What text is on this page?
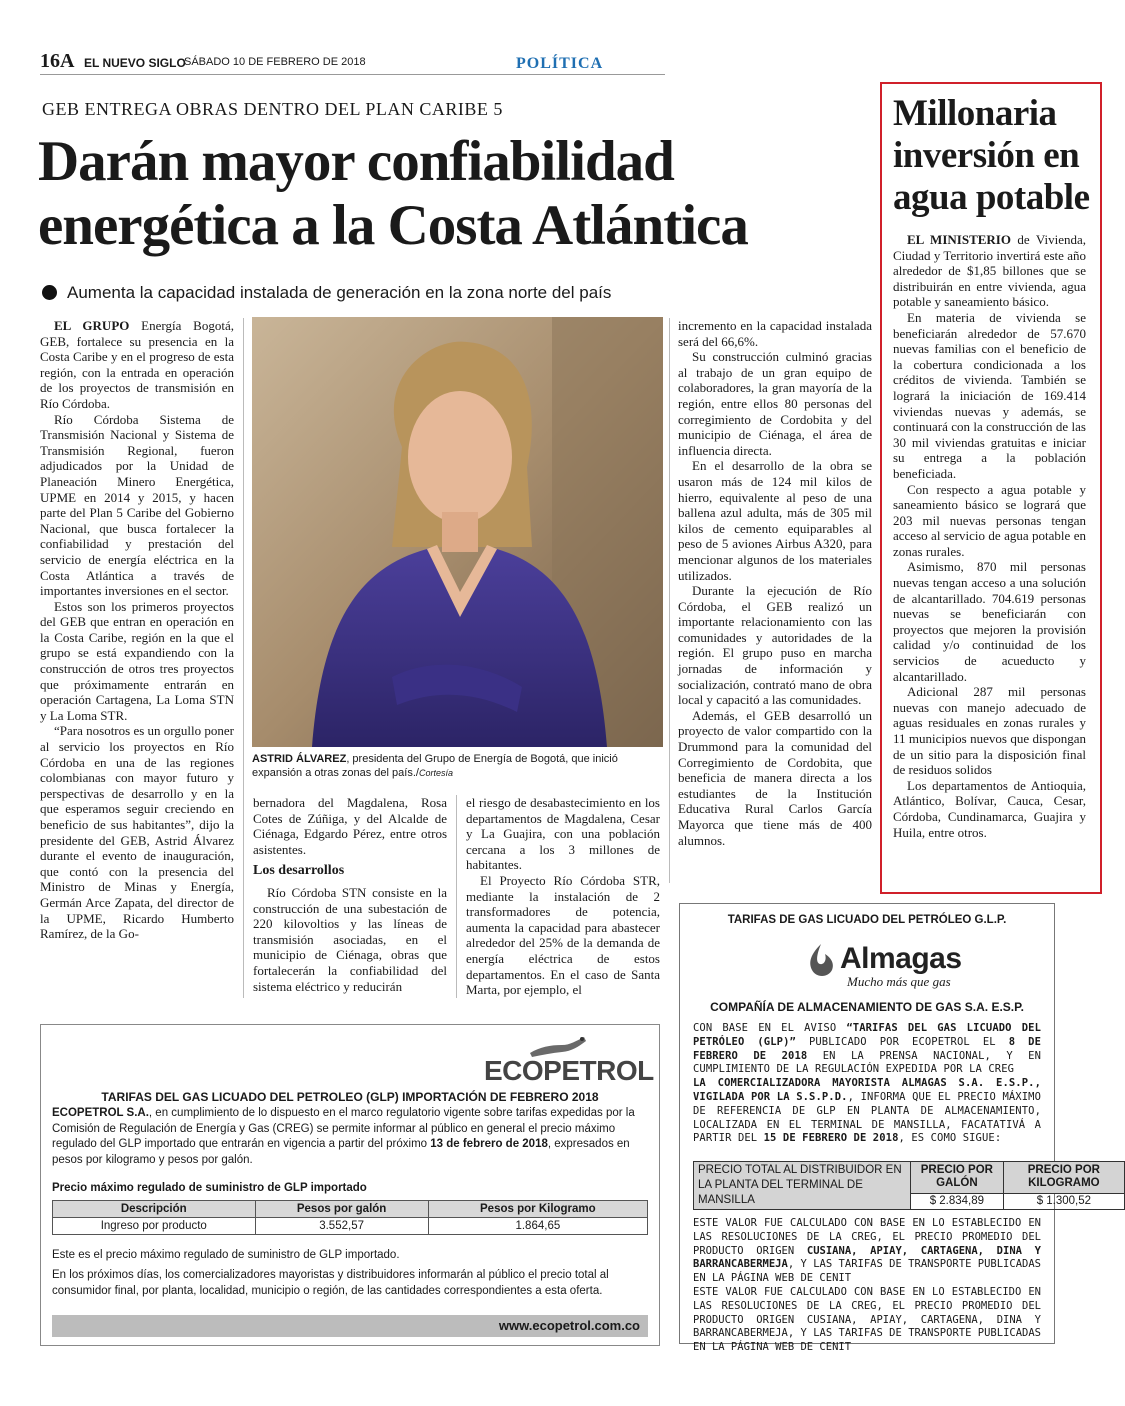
16A EL NUEVO SIGLO
SÁBADO 10 DE FEBRERO DE 2018	POLÍTICA
GEB ENTREGA OBRAS DENTRO DEL PLAN CARIBE 5
Darán mayor confiabilidad energética a la Costa Atlántica
Aumenta la capacidad instalada de generación en la zona norte del país

EL GRUPO Energía Bogotá, GEB, fortalece su presencia en la Costa Caribe y en el progreso de esta región, con la entrada en operación de los proyectos de transmisión en Río Córdoba.

Río Córdoba Sistema de Transmisión Nacional y Sistema de Transmisión Regional, fueron adjudicados por la Unidad de Planeación Minero Energética, UPME en 2014 y 2015, y hacen parte del Plan 5 Caribe del Gobierno Nacional, que busca fortalecer la confiabilidad y prestación del servicio de energía eléctrica en la Costa Atlántica a través de importantes inversiones en el sector.

Estos son los primeros proyectos del GEB que entran en operación en la Costa Caribe, región en la que el grupo se está expandiendo con la construcción de otros tres proyectos que próximamente entrarán en operación Cartagena, La Loma STN y La Loma STR.

“Para nosotros es un orgullo poner al servicio los proyectos en Río Córdoba en una de las regiones colombianas con mayor futuro y perspectivas de desarrollo y en la que esperamos seguir creciendo en beneficio de sus habitantes”, dijo la presidente del GEB, Astrid Álvarez durante el evento de inauguración, que contó con la presencia del Ministro de Minas y Energía, Germán Arce Zapata, del director de la UPME, Ricardo Humberto Ramírez, de la Go-

ASTRID ÁLVAREZ, presidenta del Grupo de Energía de Bogotá, que inició expansión a otras zonas del país./Cortesía

bernadora del Magdalena, Rosa Cotes de Zúñiga, y del Alcalde de Ciénaga, Edgardo Pérez, entre otros asistentes.

Los desarrollos

Río Córdoba STN consiste en la construcción de una subestación de 220 kilovoltios y las líneas de transmisión asociadas, en el municipio de Ciénaga, obras que fortalecerán la confiabilidad del sistema eléctrico y reducirán

el riesgo de desabastecimiento en los departamentos de Magdalena, Cesar y La Guajira, con una población cercana a los 3 millones de habitantes.

El Proyecto Río Córdoba STR, mediante la instalación de 2 transformadores de potencia, aumenta la capacidad para abastecer alrededor del 25% de la demanda de energía eléctrica de estos departamentos. En el caso de Santa Marta, por ejemplo, el

incremento en la capacidad instalada será del 66,6%.

Su construcción culminó gracias al trabajo de un gran equipo de colaboradores, la gran mayoría de la región, entre ellos 80 personas del corregimiento de Cordobita y del municipio de Ciénaga, el área de influencia directa.

En el desarrollo de la obra se usaron más de 124 mil kilos de hierro, equivalente al peso de una ballena azul adulta, más de 305 mil kilos de cemento equiparables al peso de 5 aviones Airbus A320, para mencionar algunos de los materiales utilizados.

Durante la ejecución de Río Córdoba, el GEB realizó un importante relacionamiento con las comunidades y autoridades de la región. El grupo puso en marcha jornadas de información y socialización, contrató mano de obra local y capacitó a las comunidades.

Además, el GEB desarrolló un proyecto de valor compartido con la Drummond para la comunidad del Corregimiento de Cordobita, que beneficia de manera directa a los estudiantes de la Institución Educativa Rural Carlos García Mayorca que tiene más de 400 alumnos.

Millonaria inversión en agua potable

EL MINISTERIO de Vivienda, Ciudad y Territorio invertirá este año alrededor de $1,85 billones que se distribuirán en entre vivienda, agua potable y saneamiento básico.

En materia de vivienda se beneficiarán alrededor de 57.670 nuevas familias con el beneficio de la cobertura condicionada a los créditos de vivienda. También se logrará la iniciación de 169.414 viviendas nuevas y además, se continuará con la construcción de las 30 mil viviendas gratuitas e iniciar su entrega a la población beneficiada.

Con respecto a agua potable y saneamiento básico se logrará que 203 mil nuevas personas tengan acceso al servicio de agua potable en zonas rurales.

Asimismo, 870 mil personas nuevas tengan acceso a una solución de alcantarillado. 704.619 personas nuevas se beneficiarán con proyectos que mejoren la provisión calidad y/o continuidad de los servicios de acueducto y alcantarillado.

Adicional 287 mil personas nuevas con manejo adecuado de aguas residuales en zonas rurales y 11 municipios nuevos que dispongan de un sitio para la disposición final de residuos solidos

Los departamentos de Antioquia, Atlántico, Bolívar, Cauca, Cesar, Córdoba, Cundinamarca, Guajira y Huila, entre otros.

ECOPETROL
TARIFAS DEL GAS LICUADO DEL PETROLEO (GLP) IMPORTACIÓN DE FEBRERO 2018
ECOPETROL S.A., en cumplimiento de lo dispuesto en el marco regulatorio vigente sobre tarifas expedidas por la Comisión de Regulación de Energía y Gas (CREG) se permite informar al público en general el precio máximo regulado del GLP importado que entrarán en vigencia a partir del próximo 13 de febrero de 2018, expresados en pesos por kilogramo y pesos por galón.
Precio máximo regulado de suministro de GLP importado
Descripción	Pesos por galón	Pesos por Kilogramo
Ingreso por producto	3.552,57	1.864,65
Este es el precio máximo regulado de suministro de GLP importado.
En los próximos días, los comercializadores mayoristas y distribuidores informarán al público el precio total al consumidor final, por planta, localidad, municipio o región, de las cantidades correspondientes a esta oferta.
www.ecopetrol.com.co
TARIFAS DE GAS LICUADO DEL PETRÓLEO G.L.P.
Almagas
Mucho más que gas
COMPAÑÍA DE ALMACENAMIENTO DE GAS S.A. E.S.P.

CON BASE EN EL AVISO “TARIFAS DEL GAS LICUADO DEL PETRÓLEO (GLP)” PUBLICADO POR ECOPETROL EL 8 DE FEBRERO DE 2018 EN LA PRENSA NACIONAL, Y EN CUMPLIMIENTO DE LA REGULACIÓN EXPEDIDA POR LA CREG

LA COMERCIALIZADORA MAYORISTA ALMAGAS S.A. E.S.P., VIGILADA POR LA S.S.P.D., INFORMA QUE EL PRECIO MÁXIMO DE REFERENCIA DE GLP EN PLANTA DE ALMACENAMIENTO, LOCALIZADA EN EL TERMINAL DE MANSILLA, FACATATIVÁ A PARTIR DEL 15 DE FEBRERO DE 2018, ES COMO SIGUE:

PRECIO TOTAL AL DISTRIBUIDOR EN LA PLANTA DEL TERMINAL DE MANSILLA	PRECIO POR GALÓN	PRECIO POR KILOGRAMO
	$ 2.834,89	$ 1.300,52

ESTE VALOR FUE CALCULADO CON BASE EN LO ESTABLECIDO EN LAS RESOLUCIONES DE LA CREG, EL PRECIO PROMEDIO DEL PRODUCTO ORIGEN CUSIANA, APIAY, CARTAGENA, DINA Y BARRANCABERMEJA, Y LAS TARIFAS DE TRANSPORTE PUBLICADAS EN LA PÁGINA WEB DE CENIT

ESTE VALOR FUE CALCULADO CON BASE EN LO ESTABLECIDO EN LAS RESOLUCIONES DE LA CREG, EL PRECIO PROMEDIO DEL PRODUCTO ORIGEN CUSIANA, APIAY, CARTAGENA, DINA Y BARRANCABERMEJA, Y LAS TARIFAS DE TRANSPORTE PUBLICADAS EN LA PÁGINA WEB DE CENIT
